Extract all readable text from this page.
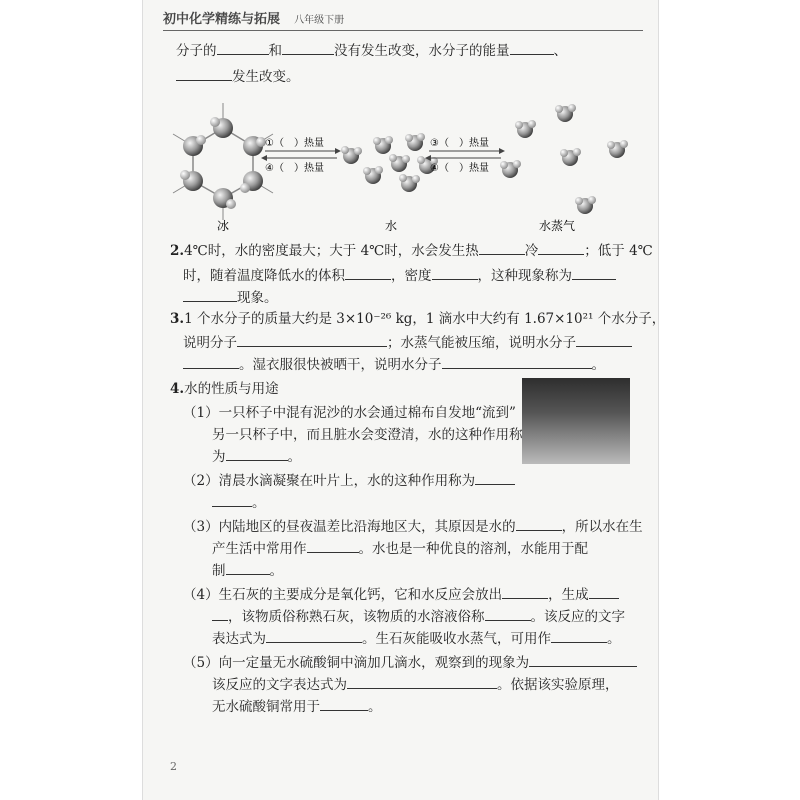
初中化学精练与拓展 八年级下册
分子的	和	没有发生改变，水分子的能量	、
发生改变。
①（　）热量
④（　）热量
③（　）热量
④（　）热量
冰	水	水蒸气
2.4℃时，水的密度最大；大于 4℃时，水会发生热	冷	；低于 4℃
时，随着温度降低水的体积	，密度	，这种现象称为
现象。
3.1 个水分子的质量大约是 3×10⁻²⁶ kg，1 滴水中大约有 1.67×10²¹ 个水分子，
说明分子	；水蒸气能被压缩，说明水分子
。湿衣服很快被晒干，说明水分子	。
4.水的性质与用途
（1）一只杯子中混有泥沙的水会通过棉布自发地“流到”
另一只杯子中，而且脏水会变澄清，水的这种作用称
为	。
（2）清晨水滴凝聚在叶片上，水的这种作用称为
。
（3）内陆地区的昼夜温差比沿海地区大，其原因是水的	，所以水在生
产生活中常用作	。水也是一种优良的溶剂，水能用于配
制	。
（4）生石灰的主要成分是氧化钙，它和水反应会放出	，生成
，该物质俗称熟石灰，该物质的水溶液俗称	。该反应的文字
表达式为	。生石灰能吸收水蒸气，可用作	。
（5）向一定量无水硫酸铜中滴加几滴水，观察到的现象为
该反应的文字表达式为	。依据该实验原理，
无水硫酸铜常用于	。
2
